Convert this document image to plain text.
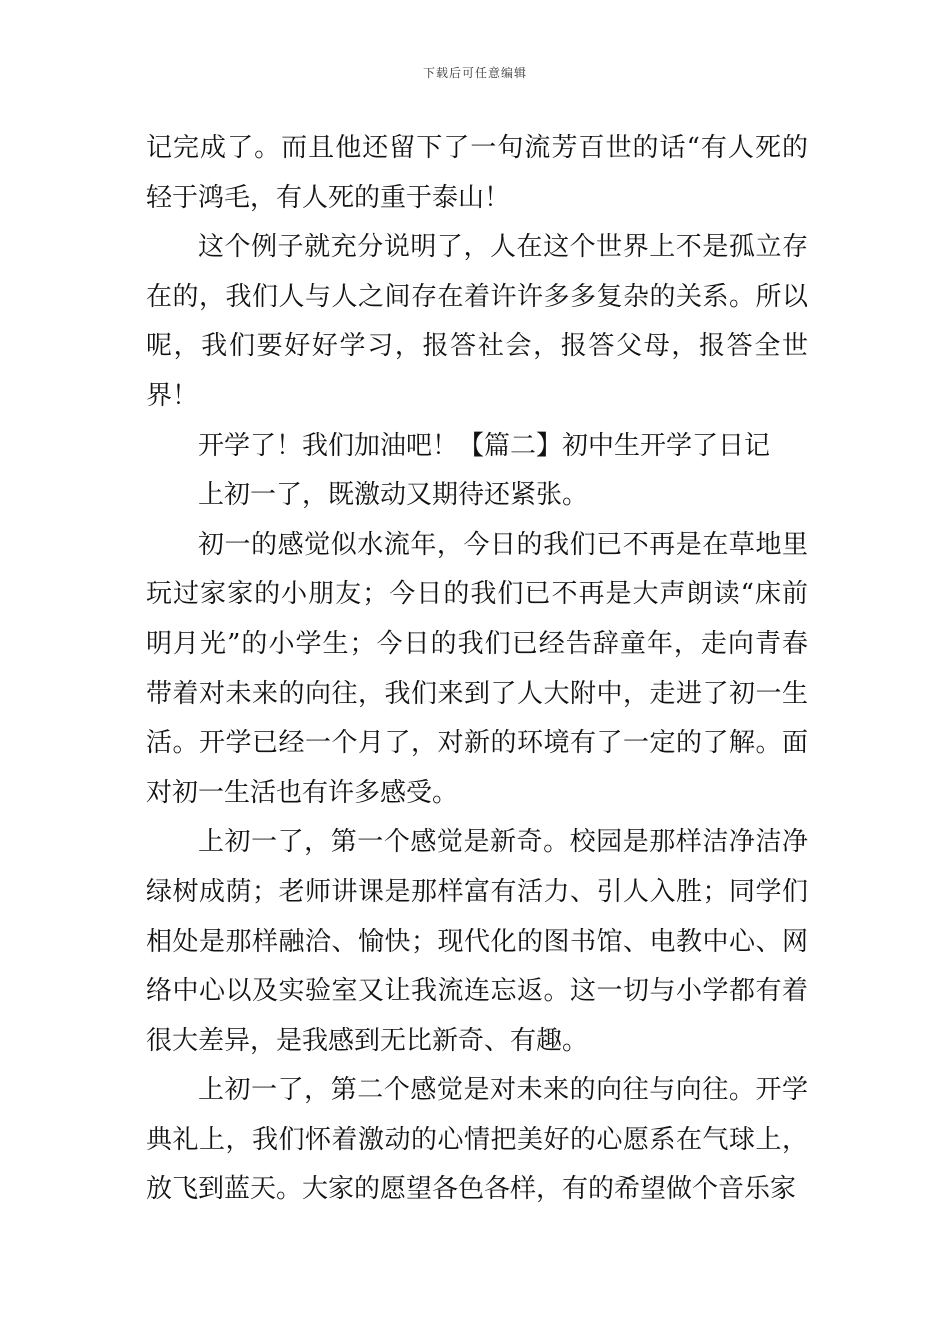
下载后可任意编辑

记完成了。而且他还留下了一句流芳百世的话“有人死的轻于鸿毛，有人死的重于泰山！

这个例子就充分说明了，人在这个世界上不是孤立存在的，我们人与人之间存在着许许多多复杂的关系。所以呢，我们要好好学习，报答社会，报答父母，报答全世界！

开学了！我们加油吧！【篇二】初中生开学了日记

上初一了，既激动又期待还紧张。

初一的感觉似水流年，今日的我们已不再是在草地里玩过家家的小朋友；今日的我们已不再是大声朗读“床前明月光”的小学生；今日的我们已经告辞童年，走向青春带着对未来的向往，我们来到了人大附中，走进了初一生活。开学已经一个月了，对新的环境有了一定的了解。面对初一生活也有许多感受。

上初一了，第一个感觉是新奇。校园是那样洁净洁净绿树成荫；老师讲课是那样富有活力、引人入胜；同学们相处是那样融洽、愉快；现代化的图书馆、电教中心、网络中心以及实验室又让我流连忘返。这一切与小学都有着很大差异，是我感到无比新奇、有趣。

上初一了，第二个感觉是对未来的向往与向往。开学典礼上，我们怀着激动的心情把美好的心愿系在气球上，放飞到蓝天。大家的愿望各色各样，有的希望做个音乐家
